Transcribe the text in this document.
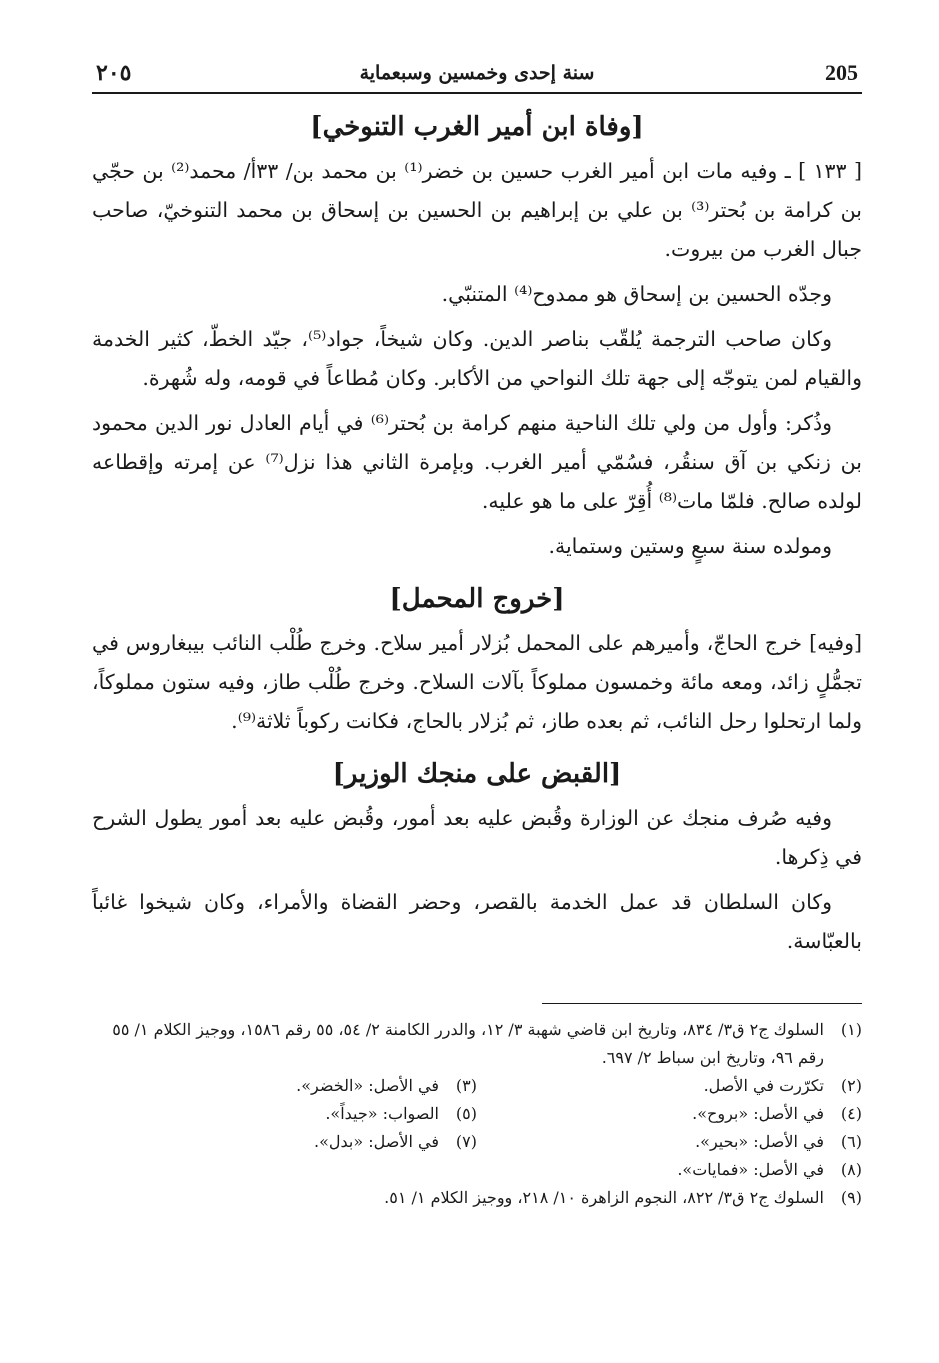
205
سنة إحدى وخمسين وسبعماية
٢٠٥
[وفاة ابن أمير الغرب التنوخي]

[ ١٣٣ ] ـ وفيه مات ابن أمير الغرب حسين بن خضر⁽¹⁾ بن محمد بن/ ٣٣أ/ محمد⁽²⁾ بن حجّي بن كرامة بن بُحتر⁽³⁾ بن علي بن إبراهيم بن الحسين بن إسحاق بن محمد التنوخيّ، صاحب جبال الغرب من بيروت.

وجدّه الحسين بن إسحاق هو ممدوح⁽⁴⁾ المتنبّي.

وكان صاحب الترجمة يُلقّب بناصر الدين. وكان شيخاً، جواد⁽⁵⁾، جيّد الخطّ، كثير الخدمة والقيام لمن يتوجّه إلى جهة تلك النواحي من الأكابر. وكان مُطاعاً في قومه، وله شُهرة.

وذُكر: وأول من ولي تلك الناحية منهم كرامة بن بُحتر⁽⁶⁾ في أيام العادل نور الدين محمود بن زنكي بن آق سنقُر، فسُمّي أمير الغرب. وبإمرة الثاني هذا نزل⁽⁷⁾ عن إمرته وإقطاعه لولده صالح. فلمّا مات⁽⁸⁾ أُقِرّ على ما هو عليه.

ومولده سنة سبعٍ وستين وستماية.

[خروج المحمل]

[وفيه] خرج الحاجّ، وأميرهم على المحمل بُزلار أمير سلاح. وخرج طُلْب النائب بيبغاروس في تجمُّلٍ زائد، ومعه مائة وخمسون مملوكاً بآلات السلاح. وخرج طُلْب طاز، وفيه ستون مملوكاً، ولما ارتحلوا رحل النائب، ثم بعده طاز، ثم بُزلار بالحاج، فكانت ركوباً ثلاثة⁽⁹⁾.

[القبض على منجك الوزير]

وفيه صُرف منجك عن الوزارة وقُبض عليه بعد أمور، وقُبض عليه بعد أمور يطول الشرح في ذِكرها.

وكان السلطان قد عمل الخدمة بالقصر، وحضر القضاة والأمراء، وكان شيخوا غائباً بالعبّاسة.

(١)
السلوك ج٢ ق٣/ ٨٣٤، وتاريخ ابن قاضي شهبة ٣/ ١٢، والدرر الكامنة ٢/ ٥٤، ٥٥ رقم ١٥٨٦، ووجيز الكلام ١/ ٥٥ رقم ٩٦، وتاريخ ابن سباط ٢/ ٦٩٧.
(٢)
تكرّرت في الأصل.
(٣)
في الأصل: «الخضر».
(٤)
في الأصل: «بروح».
(٥)
الصواب: «جيداً».
(٦)
في الأصل: «بحير».
(٧)
في الأصل: «بدل».
(٨)
في الأصل: «فمايات».
(٩)
السلوك ج٢ ق٣/ ٨٢٢، النجوم الزاهرة ١٠/ ٢١٨، ووجيز الكلام ١/ ٥١.
